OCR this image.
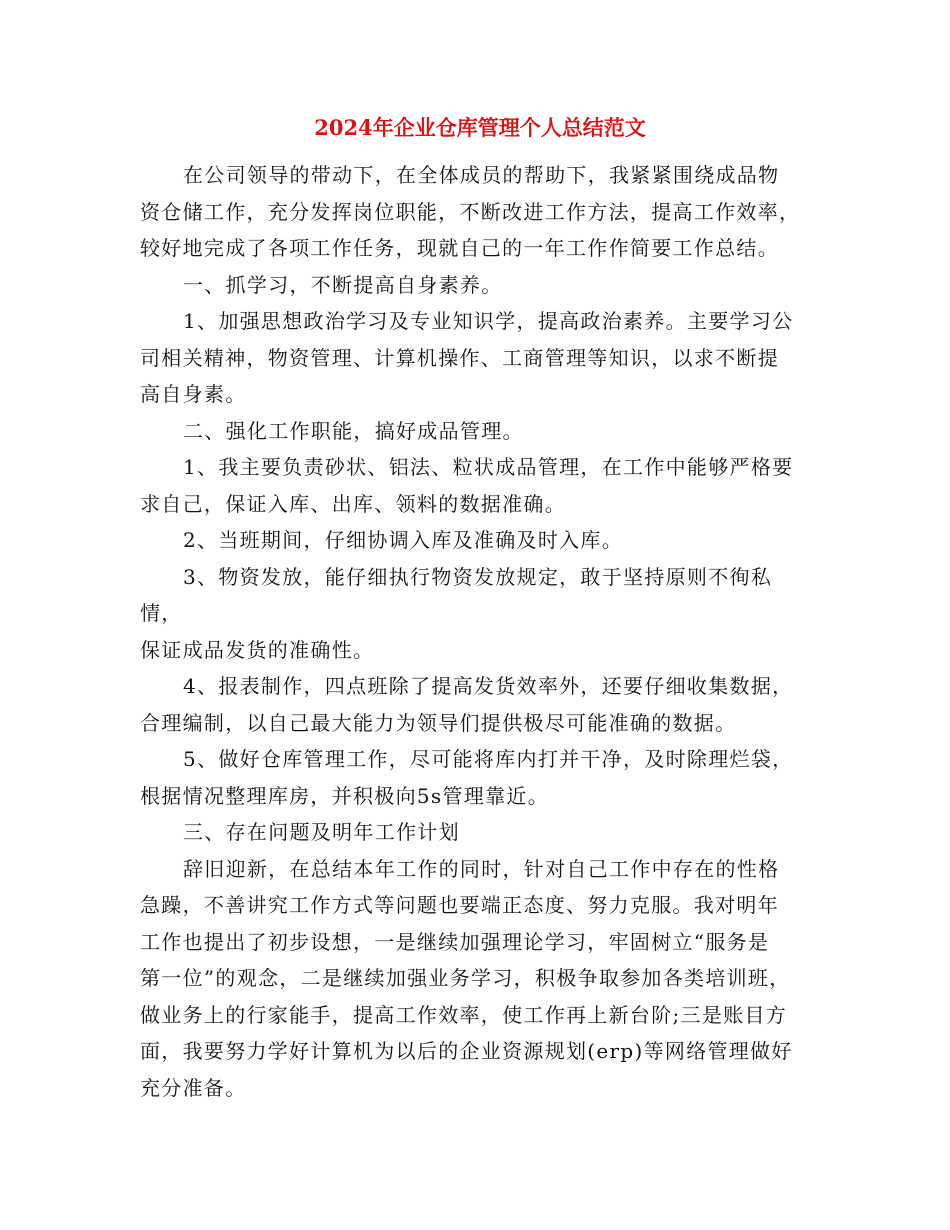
2024年企业仓库管理个人总结范文

在公司领导的带动下，在全体成员的帮助下，我紧紧围绕成品物
资仓储工作，充分发挥岗位职能，不断改进工作方法，提高工作效率，
较好地完成了各项工作任务，现就自己的一年工作作简要工作总结。

一、抓学习，不断提高自身素养。

1、加强思想政治学习及专业知识学，提高政治素养。主要学习公
司相关精神，物资管理、计算机操作、工商管理等知识，以求不断提
高自身素。

二、强化工作职能，搞好成品管理。

1、我主要负责砂状、铝法、粒状成品管理，在工作中能够严格要
求自己，保证入库、出库、领料的数据准确。

2、当班期间，仔细协调入库及准确及时入库。

3、物资发放，能仔细执行物资发放规定，敢于坚持原则不徇私情，
保证成品发货的准确性。

4、报表制作，四点班除了提高发货效率外，还要仔细收集数据，
合理编制，以自己最大能力为领导们提供极尽可能准确的数据。

5、做好仓库管理工作，尽可能将库内打并干净，及时除理烂袋，
根据情况整理库房，并积极向5s管理靠近。

三、存在问题及明年工作计划

辞旧迎新，在总结本年工作的同时，针对自己工作中存在的性格
急躁，不善讲究工作方式等问题也要端正态度、努力克服。我对明年
工作也提出了初步设想，一是继续加强理论学习，牢固树立“服务是
第一位”的观念，二是继续加强业务学习，积极争取参加各类培训班，
做业务上的行家能手，提高工作效率，使工作再上新台阶;三是账目方
面，我要努力学好计算机为以后的企业资源规划(erp)等网络管理做好
充分准备。
